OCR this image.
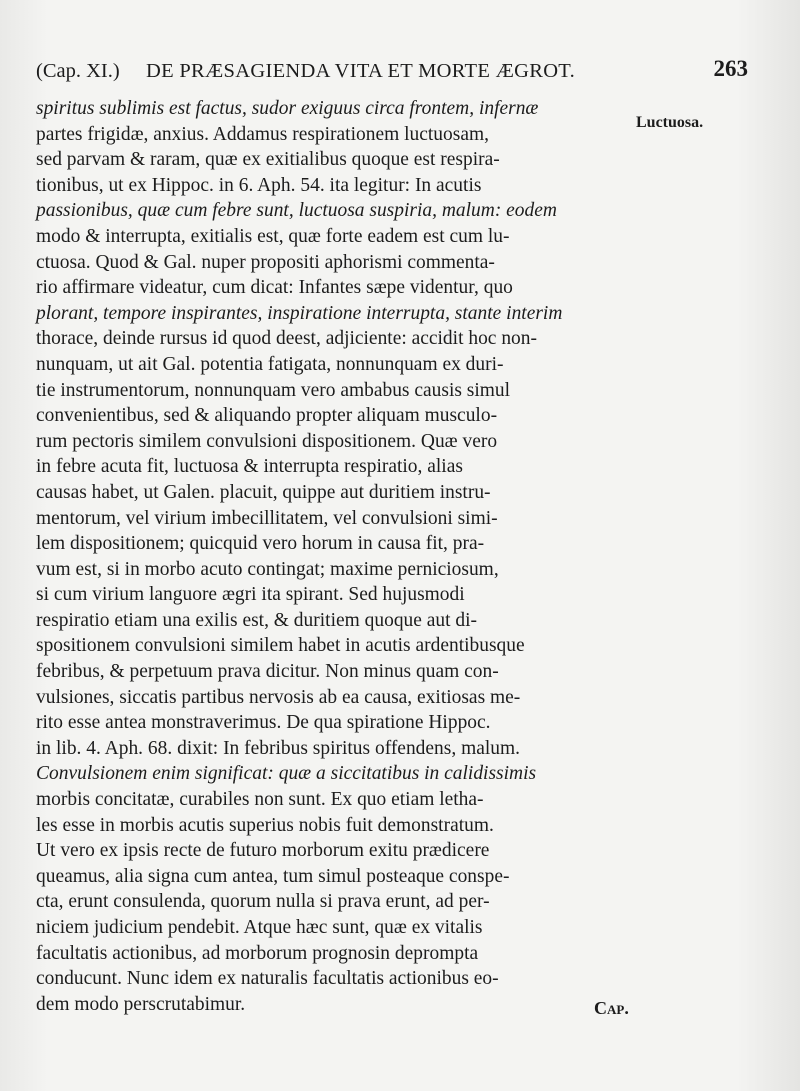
(Cap. XI.) DE PRÆSAGIENDA VITA ET MORTE ÆGROT.	263
spiritus sublimis est factus, sudor exiguus circa frontem, infernæ
partes frigidæ, anxius. Addamus respirationem luctuosam,
sed parvam & raram, quæ ex exitialibus quoque est respira-
tionibus, ut ex Hippoc. in 6. Aph. 54. ita legitur: In acutis
passionibus, quæ cum febre sunt, luctuosa suspiria, malum: eodem
modo & interrupta, exitialis est, quæ forte eadem est cum lu-
ctuosa. Quod & Gal. nuper propositi aphorismi commenta-
rio affirmare videatur, cum dicat: Infantes sæpe videntur, quo
plorant, tempore inspirantes, inspiratione interrupta, stante interim
thorace, deinde rursus id quod deest, adjiciente: accidit hoc non-
nunquam, ut ait Gal. potentia fatigata, nonnunquam ex duri-
tie instrumentorum, nonnunquam vero ambabus causis simul
convenientibus, sed & aliquando propter aliquam musculo-
rum pectoris similem convulsioni dispositionem. Quæ vero
in febre acuta fit, luctuosa & interrupta respiratio, alias
causas habet, ut Galen. placuit, quippe aut duritiem instru-
mentorum, vel virium imbecillitatem, vel convulsioni simi-
lem dispositionem; quicquid vero horum in causa fit, pra-
vum est, si in morbo acuto contingat; maxime perniciosum,
si cum virium languore ægri ita spirant. Sed hujusmodi
respiratio etiam una exilis est, & duritiem quoque aut di-
spositionem convulsioni similem habet in acutis ardentibusque
febribus, & perpetuum prava dicitur. Non minus quam con-
vulsiones, siccatis partibus nervosis ab ea causa, exitiosas me-
rito esse antea monstraverimus. De qua spiratione Hippoc.
in lib. 4. Aph. 68. dixit: In febribus spiritus offendens, malum.
Convulsionem enim significat: quæ a siccitatibus in calidissimis
morbis concitatæ, curabiles non sunt. Ex quo etiam letha-
les esse in morbis acutis superius nobis fuit demonstratum.
Ut vero ex ipsis recte de futuro morborum exitu prædicere
queamus, alia signa cum antea, tum simul posteaque conspe-
cta, erunt consulenda, quorum nulla si prava erunt, ad per-
niciem judicium pendebit. Atque hæc sunt, quæ ex vitalis
facultatis actionibus, ad morborum prognosin deprompta
conducunt. Nunc idem ex naturalis facultatis actionibus eo-
dem modo perscrutabimur.
Luctuosa.
Cap.
